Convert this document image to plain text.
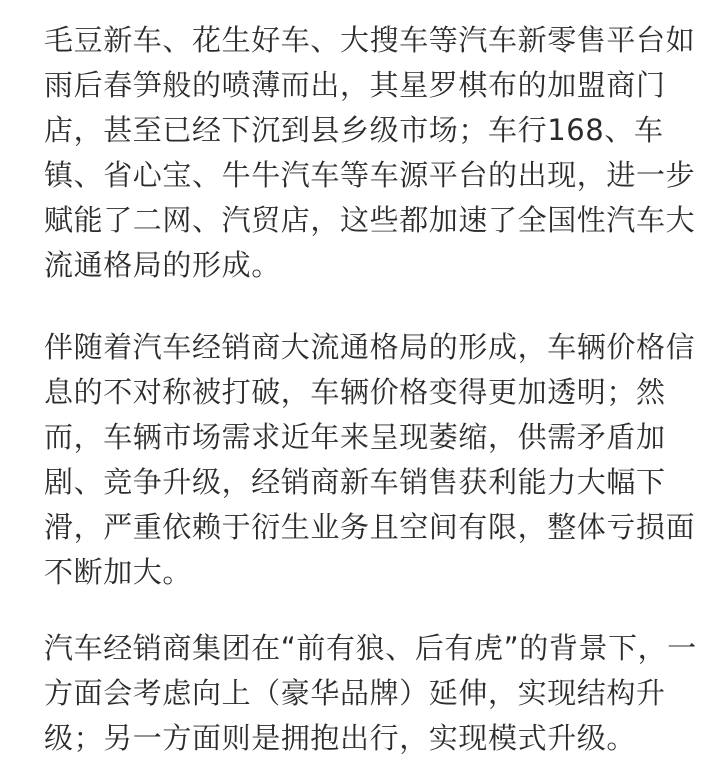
毛豆新车、花生好车、大搜车等汽车新零售平台如
雨后春笋般的喷薄而出，其星罗棋布的加盟商门
店，甚至已经下沉到县乡级市场；车行168、车
镇、省心宝、牛牛汽车等车源平台的出现，进一步
赋能了二网、汽贸店，这些都加速了全国性汽车大
流通格局的形成。
伴随着汽车经销商大流通格局的形成，车辆价格信
息的不对称被打破，车辆价格变得更加透明；然
而，车辆市场需求近年来呈现萎缩，供需矛盾加
剧、竞争升级，经销商新车销售获利能力大幅下
滑，严重依赖于衍生业务且空间有限，整体亏损面
不断加大。
汽车经销商集团在“前有狼、后有虎”的背景下，一
方面会考虑向上（豪华品牌）延伸，实现结构升
级；另一方面则是拥抱出行，实现模式升级。
